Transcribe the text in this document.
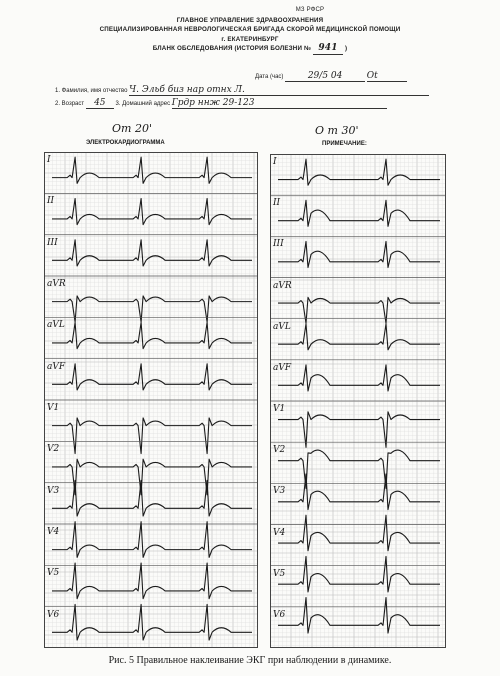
МЗ РФСР
ГЛАВНОЕ УПРАВЛЕНИЕ ЗДРАВООХРАНЕНИЯ
СПЕЦИАЛИЗИРОВАННАЯ НЕВРОЛОГИЧЕСКАЯ БРИГАДА СКОРОЙ МЕДИЦИНСКОЙ ПОМОЩИ
г. ЕКАТЕРИНБУРГ
БЛАНК ОБСЛЕДОВАНИЯ (ИСТОРИЯ БОЛЕЗНИ № 941 )
Дата (час)	29/5 04	Ot
1. Фамилия, имя отчество Ч. Эльб биз нар отнх Л.
2. Возраст 45 3. Домашний адрес Грдр ннж 29-123
Oт 20'
ЭЛЕКТРОКАРДИОГРАММА
I
II
III
aVR
aVL
aVF
V1
V2
V3
V4
V5
V6
O т 30'
ПРИМЕЧАНИЕ:
I
II
III
aVR
aVL
aVF
V1
V2
V3
V4
V5
V6
Рис. 5 Правильное наклеивание ЭКГ при наблюдении в динамике.
